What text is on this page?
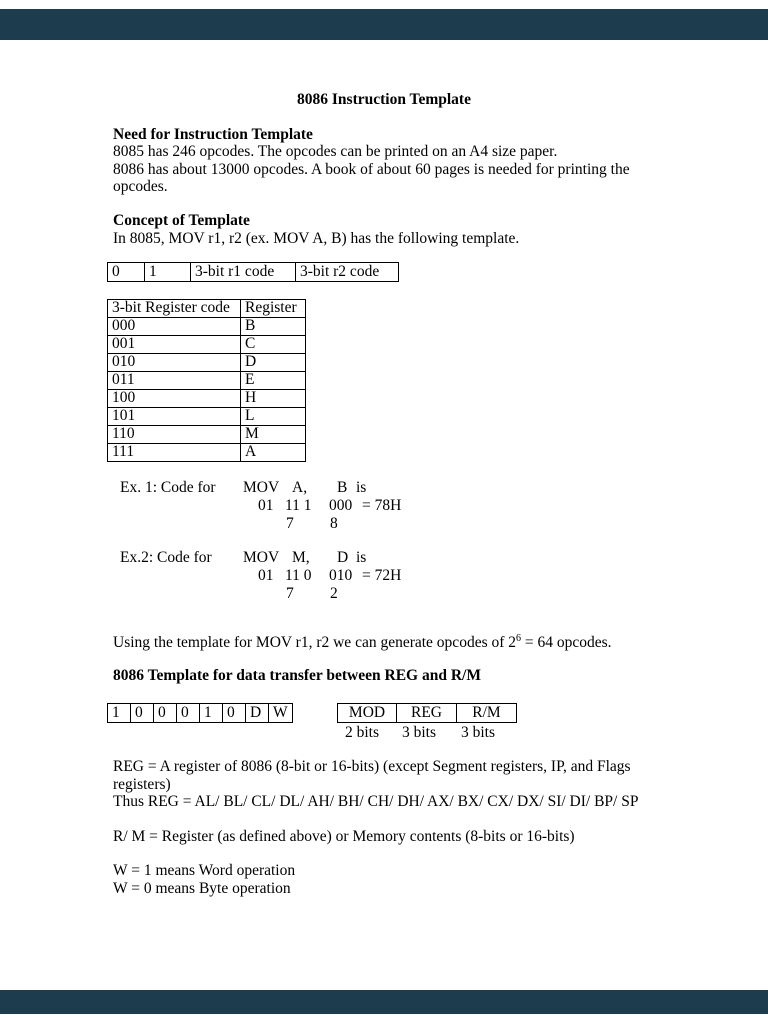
8086 Instruction Template
Need for Instruction Template
8085 has 246 opcodes. The opcodes can be printed on an A4 size paper.
8086 has about 13000 opcodes. A book of about 60 pages is needed for printing the
opcodes.
Concept of Template
In 8085, MOV r1, r2 (ex. MOV A, B) has the following template.
0	1	3-bit r1 code	3-bit r2 code
3-bit Register code Register
000	B
001	C
010	D
011	E
100	H
101	L
110	M
111	A
Ex. 1: Code for MOV A, B is
01 11 1 000 = 78H
7 8
Ex.2: Code for MOV M, D is
01 11 0 010 = 72H
7 2
Using the template for MOV r1, r2 we can generate opcodes of $2^6 = 64$ opcodes.
8086 Template for data transfer between REG and R/M
1 0 0 0 1 0 D W	MOD	REG	R/M
2 bits 3 bits 3 bits
REG = A register of 8086 (8-bit or 16-bits) (except Segment registers, IP, and Flags
registers)
Thus REG = AL/ BL/ CL/ DL/ AH/ BH/ CH/ DH/ AX/ BX/ CX/ DX/ SI/ DI/ BP/ SP
R/ M = Register (as defined above) or Memory contents (8-bits or 16-bits)
W = 1 means Word operation
W = 0 means Byte operation
